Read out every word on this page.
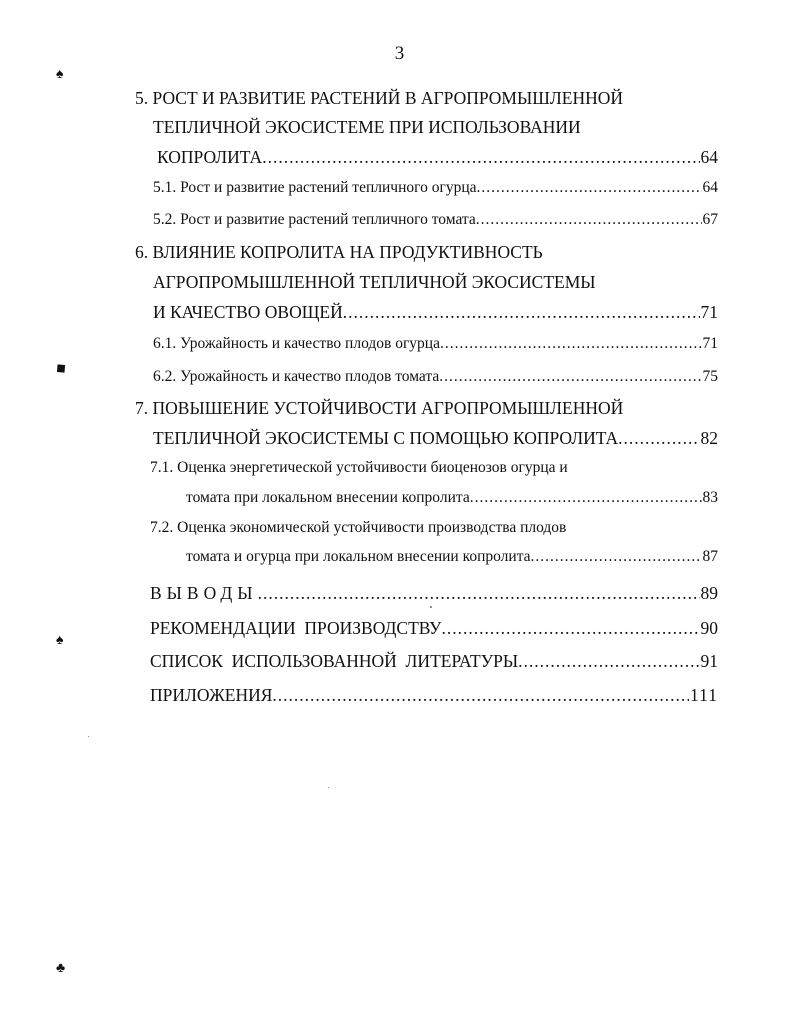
3
5. РОСТ И РАЗВИТИЕ РАСТЕНИЙ В АГРОПРОМЫШЛЕННОЙ
ТЕПЛИЧНОЙ ЭКОСИСТЕМЕ ПРИ ИСПОЛЬЗОВАНИИ
КОПРОЛИТА .....	64
5.1. Рост и развитие растений тепличного огурца .....	64
5.2. Рост и развитие растений тепличного томата .....	67
6. ВЛИЯНИЕ КОПРОЛИТА НА ПРОДУКТИВНОСТЬ
АГРОПРОМЫШЛЕННОЙ ТЕПЛИЧНОЙ ЭКОСИСТЕМЫ
И КАЧЕСТВО ОВОЩЕЙ .....	71
6.1. Урожайность и качество плодов огурца .....	71
6.2. Урожайность и качество плодов томата .....	75
7. ПОВЫШЕНИЕ УСТОЙЧИВОСТИ АГРОПРОМЫШЛЕННОЙ
ТЕПЛИЧНОЙ ЭКОСИСТЕМЫ С ПОМОЩЬЮ КОПРОЛИТА .....	82
7.1. Оценка энергетической устойчивости биоценозов огурца и
томата при локальном внесении копролита .....	83
7.2. Оценка экономической устойчивости производства плодов
томата и огурца при локальном внесении копролита .....	87
ВЫВОДЫ .....	89
РЕКОМЕНДАЦИИ  ПРОИЗВОДСТВУ .....	90
СПИСОК  ИСПОЛЬЗОВАННОЙ  ЛИТЕРАТУРЫ .....	91
ПРИЛОЖЕНИЯ .....	111
♠
◆
♠
♣
